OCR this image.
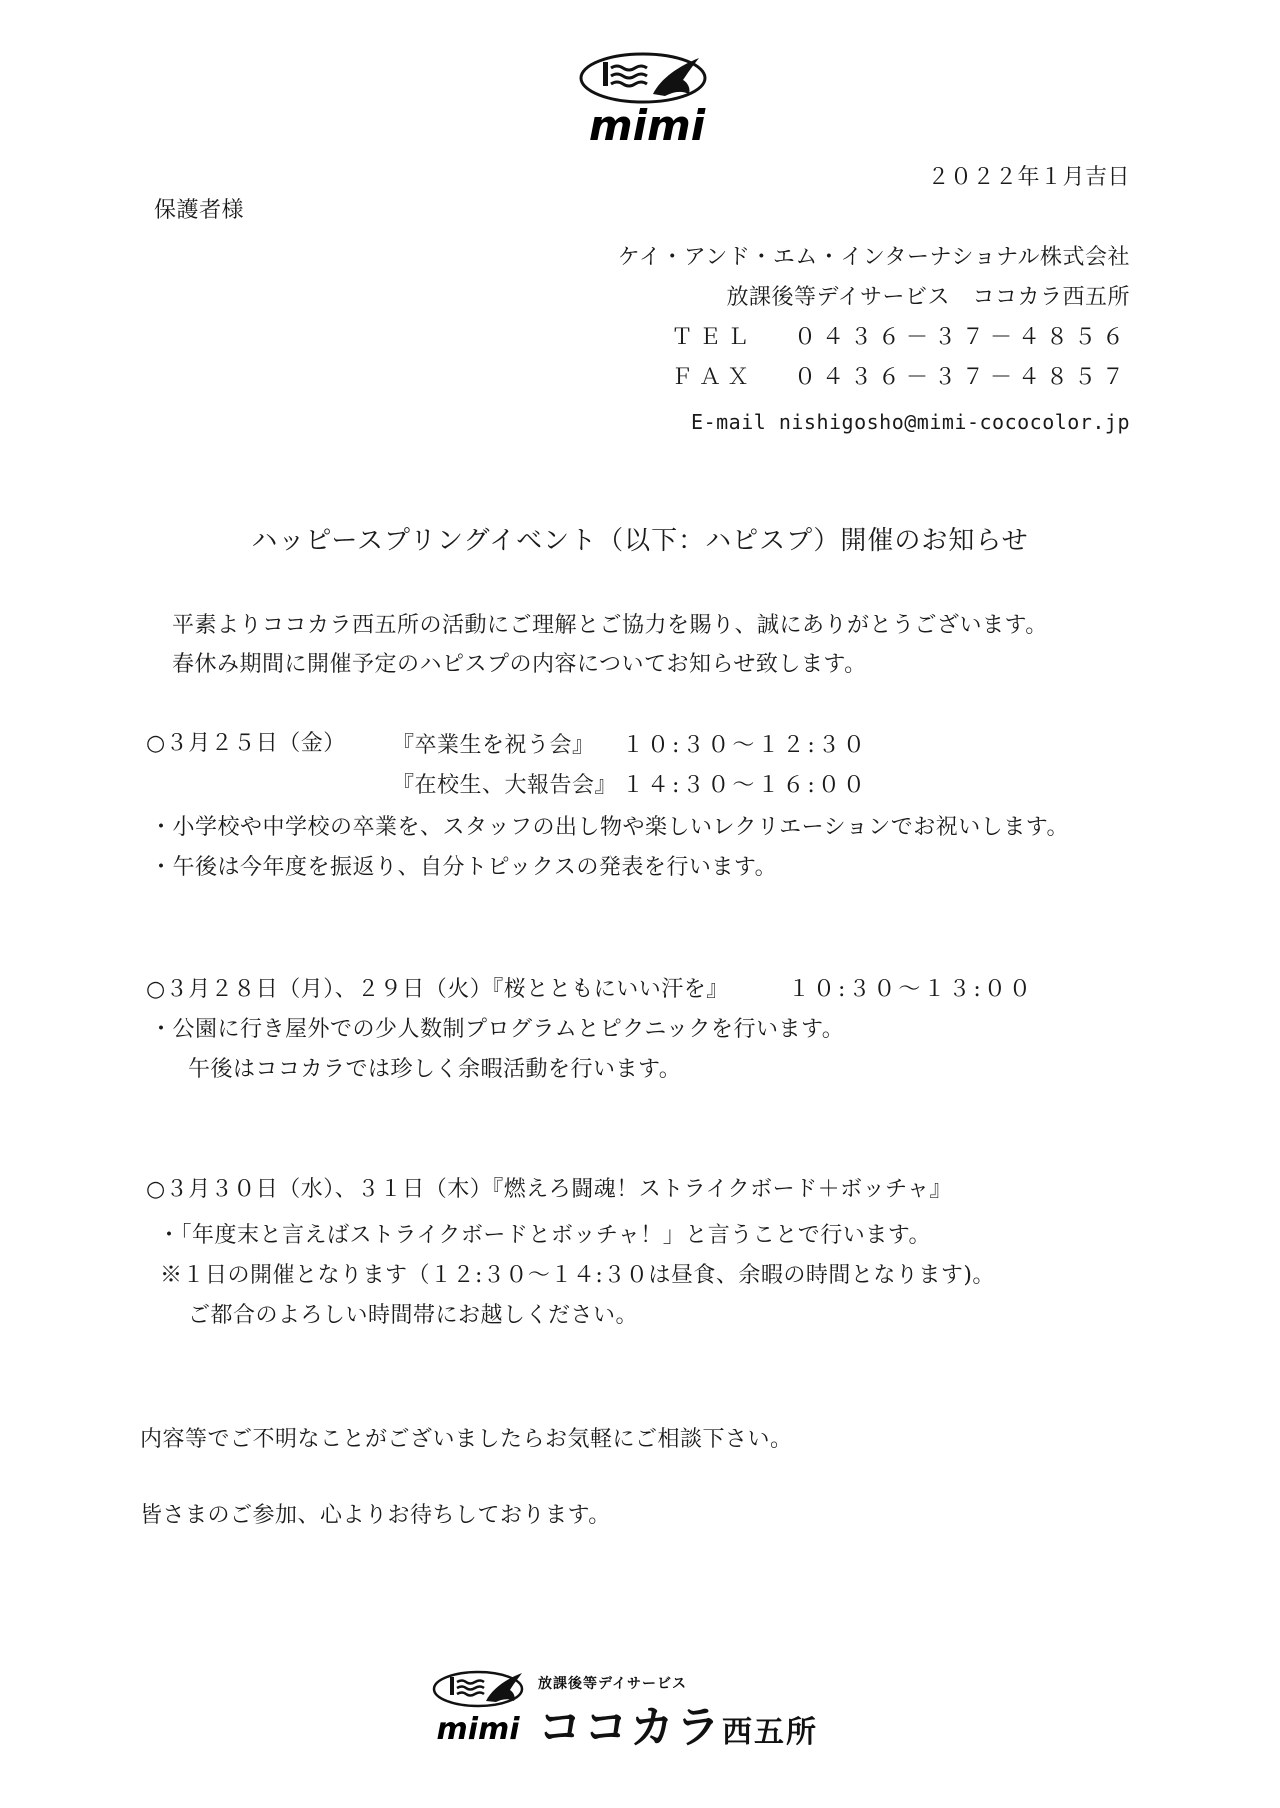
mimi
２０２２年１月吉日
保護者様
ケイ・アンド・エム・インターナショナル株式会社
放課後等デイサービス　ココカラ西五所
ＴＥＬ ０４３６－３７－４８５６
ＦＡＸ ０４３６－３７－４８５７
E-mail nishigosho@mimi-cococolor.jp
ハッピースプリングイベント（以下：ハピスプ）開催のお知らせ
平素よりココカラ西五所の活動にご理解とご協力を賜り、誠にありがとうございます。
春休み期間に開催予定のハピスプの内容についてお知らせ致します。
○３月２５日（金） 『卒業生を祝う会』 １０:３０～１２:３０
『在校生、大報告会』 １４:３０～１６:００
・小学校や中学校の卒業を、スタッフの出し物や楽しいレクリエーションでお祝いします。
・午後は今年度を振返り、自分トピックスの発表を行います。
○３月２８日（月）、２９日（火）『桜とともにいい汗を』	１０:３０～１３:００
・公園に行き屋外での少人数制プログラムとピクニックを行います。
午後はココカラでは珍しく余暇活動を行います。
○３月３０日（水）、３１日（木）『燃えろ闘魂！ストライクボード＋ボッチャ』
・「年度末と言えばストライクボードとボッチャ！」と言うことで行います。
※１日の開催となります（１２:３０～１４:３０は昼食、余暇の時間となります)。
ご都合のよろしい時間帯にお越しください。
内容等でご不明なことがございましたらお気軽にご相談下さい。
皆さまのご参加、心よりお待ちしております。
mimi
放課後等デイサービス
ココカラ西五所
